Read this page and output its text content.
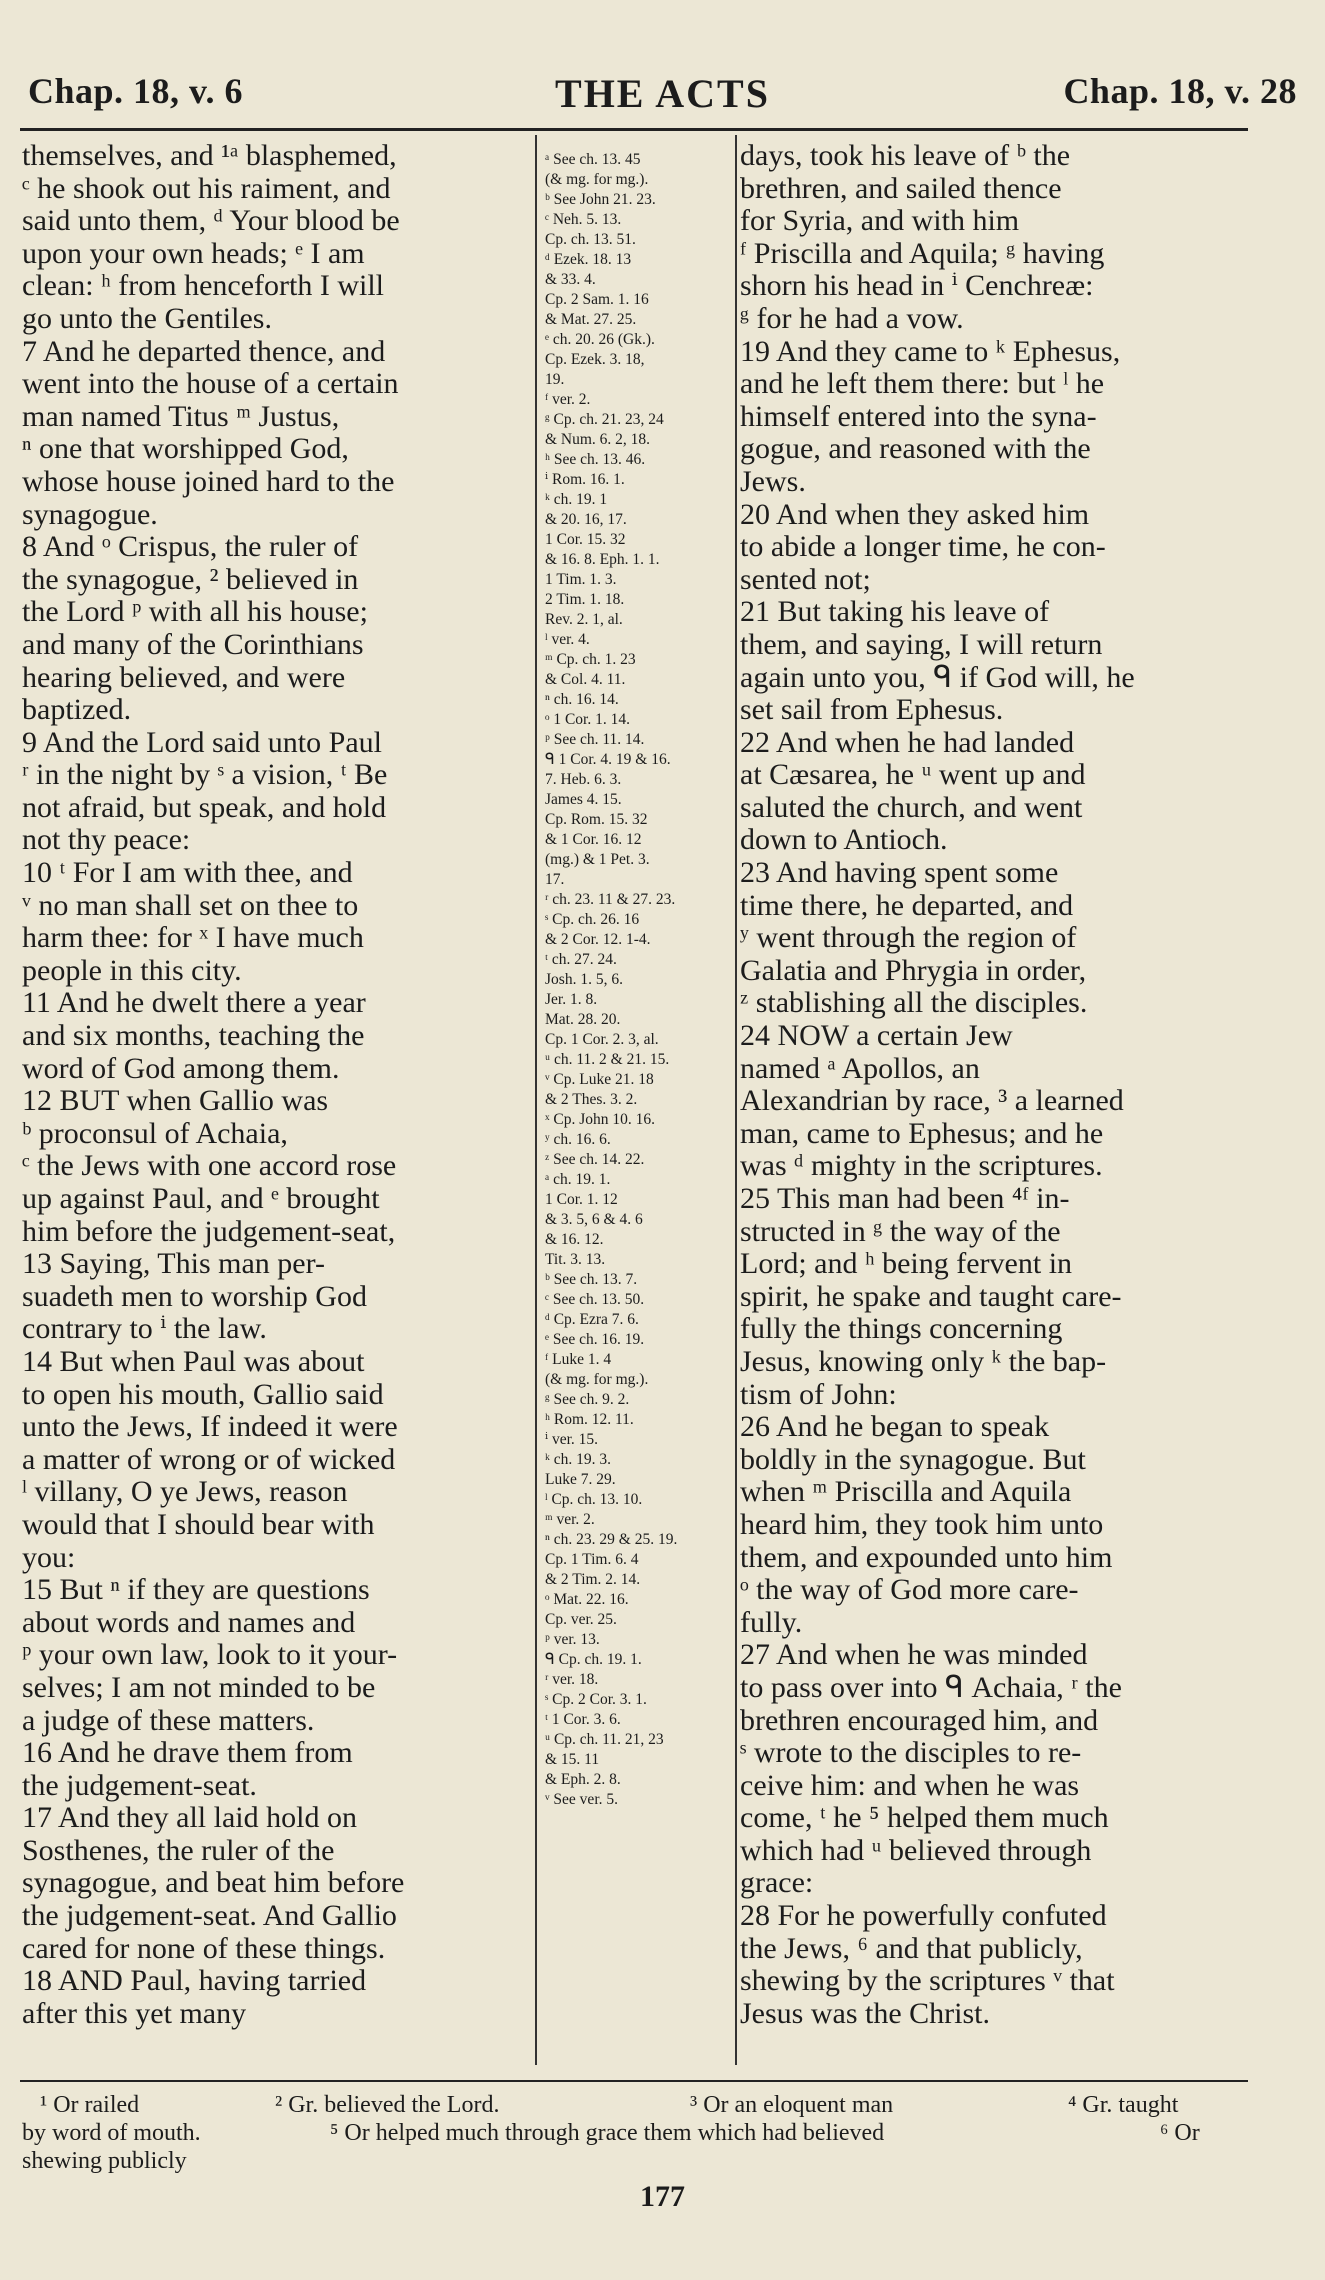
Chap. 18, v. 6	THE ACTS	Chap. 18, v. 28

themselves, and ¹ᵃ blasphemed,

ᶜ he shook out his raiment, and

said unto them, ᵈ Your blood be

upon your own heads; ᵉ I am

clean: ʰ from henceforth I will

go unto the Gentiles.

7 And he departed thence, and

went into the house of a certain

man named Titus ᵐ Justus,

ⁿ one that worshipped God,

whose house joined hard to the

synagogue.

8 And ᵒ Crispus, the ruler of

the synagogue, ² believed in

the Lord ᵖ with all his house;

and many of the Corinthians

hearing believed, and were

baptized.

9 And the Lord said unto Paul

ʳ in the night by ˢ a vision, ᵗ Be

not afraid, but speak, and hold

not thy peace:

10 ᵗ For I am with thee, and

ᵛ no man shall set on thee to

harm thee: for ˣ I have much

people in this city.

11 And he dwelt there a year

and six months, teaching the

word of God among them.

12 BUT when Gallio was

ᵇ proconsul of Achaia,

ᶜ the Jews with one accord rose

up against Paul, and ᵉ brought

him before the judgement-seat,

13 Saying, This man per-

suadeth men to worship God

contrary to ⁱ the law.

14 But when Paul was about

to open his mouth, Gallio said

unto the Jews, If indeed it were

a matter of wrong or of wicked

ˡ villany, O ye Jews, reason

would that I should bear with

you:

15 But ⁿ if they are questions

about words and names and

ᵖ your own law, look to it your-

selves; I am not minded to be

a judge of these matters.

16 And he drave them from

the judgement-seat.

17 And they all laid hold on

Sosthenes, the ruler of the

synagogue, and beat him before

the judgement-seat. And Gallio

cared for none of these things.

18 AND Paul, having tarried

after this yet many

ᵃ See ch. 13. 45

(& mg. for mg.).

ᵇ See John 21. 23.

ᶜ Neh. 5. 13.

Cp. ch. 13. 51.

ᵈ Ezek. 18. 13

& 33. 4.

Cp. 2 Sam. 1. 16

& Mat. 27. 25.

ᵉ ch. 20. 26 (Gk.).

Cp. Ezek. 3. 18,

19.

ᶠ ver. 2.

ᵍ Cp. ch. 21. 23, 24

& Num. 6. 2, 18.

ʰ See ch. 13. 46.

ⁱ Rom. 16. 1.

ᵏ ch. 19. 1

& 20. 16, 17.

1 Cor. 15. 32

& 16. 8. Eph. 1. 1.

1 Tim. 1. 3.

2 Tim. 1. 18.

Rev. 2. 1, al.

ˡ ver. 4.

ᵐ Cp. ch. 1. 23

& Col. 4. 11.

ⁿ ch. 16. 14.

ᵒ 1 Cor. 1. 14.

ᵖ See ch. 11. 14.

ᑫ 1 Cor. 4. 19 & 16.

7. Heb. 6. 3.

James 4. 15.

Cp. Rom. 15. 32

& 1 Cor. 16. 12

(mg.) & 1 Pet. 3.

17.

ʳ ch. 23. 11 & 27. 23.

ˢ Cp. ch. 26. 16

& 2 Cor. 12. 1-4.

ᵗ ch. 27. 24.

Josh. 1. 5, 6.

Jer. 1. 8.

Mat. 28. 20.

Cp. 1 Cor. 2. 3, al.

ᵘ ch. 11. 2 & 21. 15.

ᵛ Cp. Luke 21. 18

& 2 Thes. 3. 2.

ˣ Cp. John 10. 16.

ʸ ch. 16. 6.

ᶻ See ch. 14. 22.

ᵃ ch. 19. 1.

1 Cor. 1. 12

& 3. 5, 6 & 4. 6

& 16. 12.

Tit. 3. 13.

ᵇ See ch. 13. 7.

ᶜ See ch. 13. 50.

ᵈ Cp. Ezra 7. 6.

ᵉ See ch. 16. 19.

ᶠ Luke 1. 4

(& mg. for mg.).

ᵍ See ch. 9. 2.

ʰ Rom. 12. 11.

ⁱ ver. 15.

ᵏ ch. 19. 3.

Luke 7. 29.

ˡ Cp. ch. 13. 10.

ᵐ ver. 2.

ⁿ ch. 23. 29 & 25. 19.

Cp. 1 Tim. 6. 4

& 2 Tim. 2. 14.

ᵒ Mat. 22. 16.

Cp. ver. 25.

ᵖ ver. 13.

ᑫ Cp. ch. 19. 1.

ʳ ver. 18.

ˢ Cp. 2 Cor. 3. 1.

ᵗ 1 Cor. 3. 6.

ᵘ Cp. ch. 11. 21, 23

& 15. 11

& Eph. 2. 8.

ᵛ See ver. 5.

days, took his leave of ᵇ the

brethren, and sailed thence

for Syria, and with him

ᶠ Priscilla and Aquila; ᵍ having

shorn his head in ⁱ Cenchreæ:

ᵍ for he had a vow.

19 And they came to ᵏ Ephesus,

and he left them there: but ˡ he

himself entered into the syna-

gogue, and reasoned with the

Jews.

20 And when they asked him

to abide a longer time, he con-

sented not;

21 But taking his leave of

them, and saying, I will return

again unto you, ᑫ if God will, he

set sail from Ephesus.

22 And when he had landed

at Cæsarea, he ᵘ went up and

saluted the church, and went

down to Antioch.

23 And having spent some

time there, he departed, and

ʸ went through the region of

Galatia and Phrygia in order,

ᶻ stablishing all the disciples.

24 NOW a certain Jew

named ᵃ Apollos, an

Alexandrian by race, ³ a learned

man, came to Ephesus; and he

was ᵈ mighty in the scriptures.

25 This man had been ⁴ᶠ in-

structed in ᵍ the way of the

Lord; and ʰ being fervent in

spirit, he spake and taught care-

fully the things concerning

Jesus, knowing only ᵏ the bap-

tism of John:

26 And he began to speak

boldly in the synagogue. But

when ᵐ Priscilla and Aquila

heard him, they took him unto

them, and expounded unto him

ᵒ the way of God more care-

fully.

27 And when he was minded

to pass over into ᑫ Achaia, ʳ the

brethren encouraged him, and

ˢ wrote to the disciples to re-

ceive him: and when he was

come, ᵗ he ⁵ helped them much

which had ᵘ believed through

grace:

28 For he powerfully confuted

the Jews, ⁶ and that publicly,

shewing by the scriptures ᵛ that

Jesus was the Christ.

¹ Or railed	² Gr. believed the Lord.	³ Or an eloquent man	⁴ Gr. taught
by word of mouth.	⁵ Or helped much through grace them which had believed	⁶ Or
shewing publicly
177
